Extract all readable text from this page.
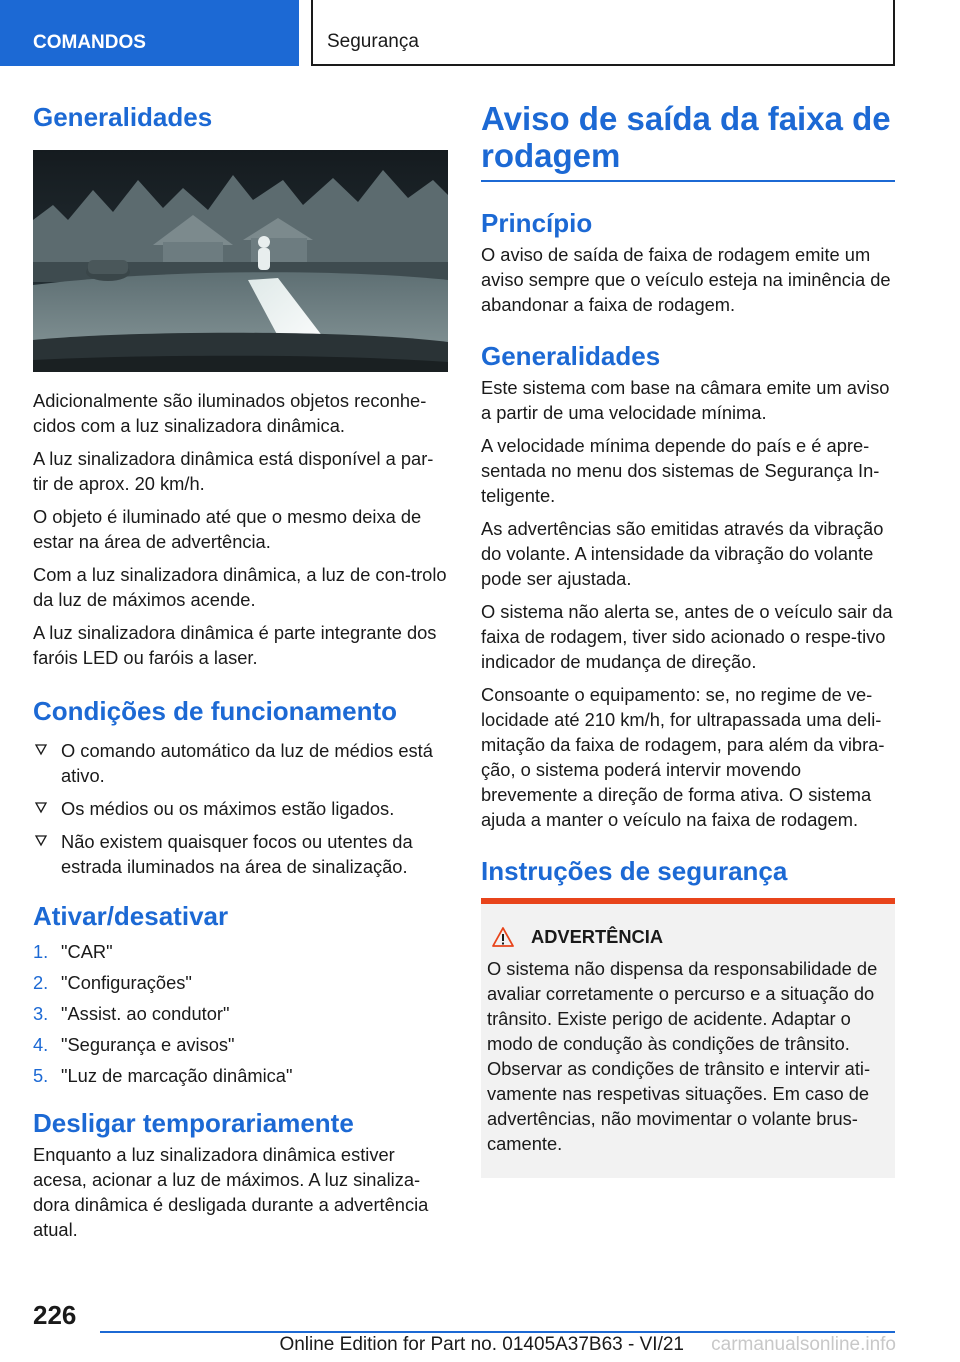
COMANDOS	Segurança
Generalidades

Adicionalmente são iluminados objetos reconhe‐cidos com a luz sinalizadora dinâmica.

A luz sinalizadora dinâmica está disponível a par‐tir de aprox. 20 km/h.

O objeto é iluminado até que o mesmo deixa de estar na área de advertência.

Com a luz sinalizadora dinâmica, a luz de con‐trolo da luz de máximos acende.

A luz sinalizadora dinâmica é parte integrante dos faróis LED ou faróis a laser.

Condições de funcionamento
O comando automático da luz de médios está ativo.
Os médios ou os máximos estão ligados.
Não existem quaisquer focos ou utentes da estrada iluminados na área de sinalização.
Ativar/desativar
1. "CAR"
2. "Configurações"
3. "Assist. ao condutor"
4. "Segurança e avisos"
5. "Luz de marcação dinâmica"
Desligar temporariamente

Enquanto a luz sinalizadora dinâmica estiver acesa, acionar a luz de máximos. A luz sinaliza‐dora dinâmica é desligada durante a advertência atual.

Aviso de saída da faixa de rodagem
Princípio

O aviso de saída de faixa de rodagem emite um aviso sempre que o veículo esteja na iminência de abandonar a faixa de rodagem.

Generalidades

Este sistema com base na câmara emite um aviso a partir de uma velocidade mínima.

A velocidade mínima depende do país e é apre‐sentada no menu dos sistemas de Segurança In‐teligente.

As advertências são emitidas através da vibração do volante. A intensidade da vibração do volante pode ser ajustada.

O sistema não alerta se, antes de o veículo sair da faixa de rodagem, tiver sido acionado o respe‐tivo indicador de mudança de direção.

Consoante o equipamento: se, no regime de ve‐locidade até 210 km/h, for ultrapassada uma deli‐mitação da faixa de rodagem, para além da vibra‐ção, o sistema poderá intervir movendo brevemente a direção de forma ativa. O sistema ajuda a manter o veículo na faixa de rodagem.

Instruções de segurança
ADVERTÊNCIA

O sistema não dispensa da responsabilidade de avaliar corretamente o percurso e a situação do trânsito. Existe perigo de acidente. Adaptar o modo de condução às condições de trânsito. Observar as condições de trânsito e intervir ati‐vamente nas respetivas situações. Em caso de advertências, não movimentar o volante brus‐camente.

226
Online Edition for Part no. 01405A37B63 - VI/21 carmanualsonline.info
